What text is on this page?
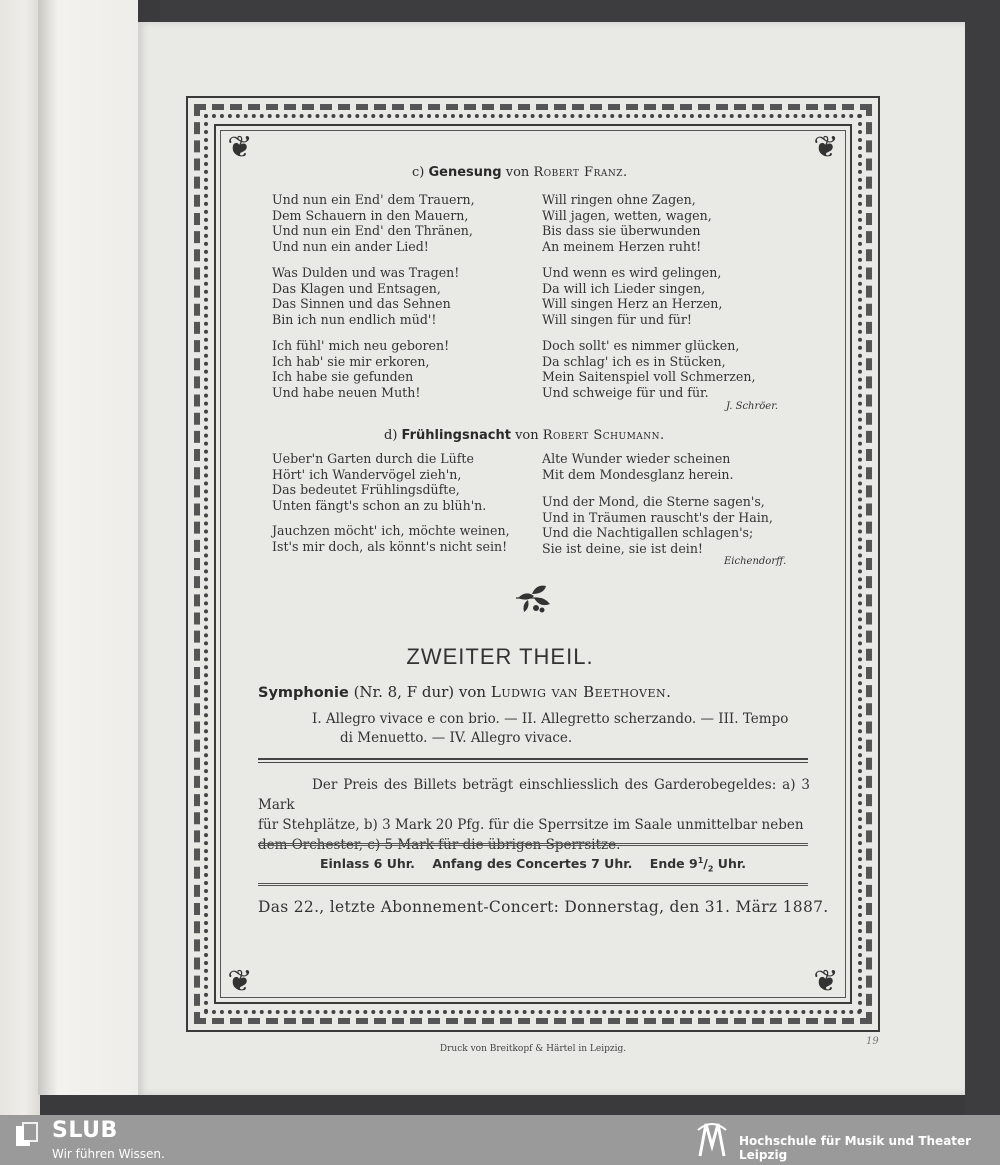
❦	❦
❦	❦
c) Genesung von Robert Franz.
Und nun ein End' dem Trauern,
Dem Schauern in den Mauern,
Und nun ein End' den Thränen,
Und nun ein ander Lied!
Was Dulden und was Tragen!
Das Klagen und Entsagen,
Das Sinnen und das Sehnen
Bin ich nun endlich müd'!
Ich fühl' mich neu geboren!
Ich hab' sie mir erkoren,
Ich habe sie gefunden
Und habe neuen Muth!
Will ringen ohne Zagen,
Will jagen, wetten, wagen,
Bis dass sie überwunden
An meinem Herzen ruht!
Und wenn es wird gelingen,
Da will ich Lieder singen,
Will singen Herz an Herzen,
Will singen für und für!
Doch sollt' es nimmer glücken,
Da schlag' ich es in Stücken,
Mein Saitenspiel voll Schmerzen,
Und schweige für und für.
J. Schröer.
d) Frühlingsnacht von Robert Schumann.
Ueber'n Garten durch die Lüfte
Hört' ich Wandervögel zieh'n,
Das bedeutet Frühlingsdüfte,
Unten fängt's schon an zu blüh'n.
Jauchzen möcht' ich, möchte weinen,
Ist's mir doch, als könnt's nicht sein!
Alte Wunder wieder scheinen
Mit dem Mondesglanz herein.
Und der Mond, die Sterne sagen's,
Und in Träumen rauscht's der Hain,
Und die Nachtigallen schlagen's;
Sie ist deine, sie ist dein!
Eichendorff.
ZWEITER THEIL.
Symphonie (Nr. 8, F dur) von Ludwig van Beethoven.
I. Allegro vivace e con brio. — II. Allegretto scherzando. — III. Tempo
di Menuetto. — IV. Allegro vivace.
Der Preis des Billets beträgt einschliesslich des Garderobegeldes: a) 3 Mark
für Stehplätze, b) 3 Mark 20 Pfg. für die Sperrsitze im Saale unmittelbar neben
dem Orchester, c) 5 Mark für die übrigen Sperrsitze.
Einlass 6 Uhr. Anfang des Concertes 7 Uhr. Ende $9^1/_2$ Uhr.
Das 22., letzte Abonnement-Concert: Donnerstag, den 31. März 1887.
Druck von Breitkopf & Härtel in Leipzig.
19
SLUB
Wir führen Wissen.
Hochschule für Musik und Theater Leipzig
